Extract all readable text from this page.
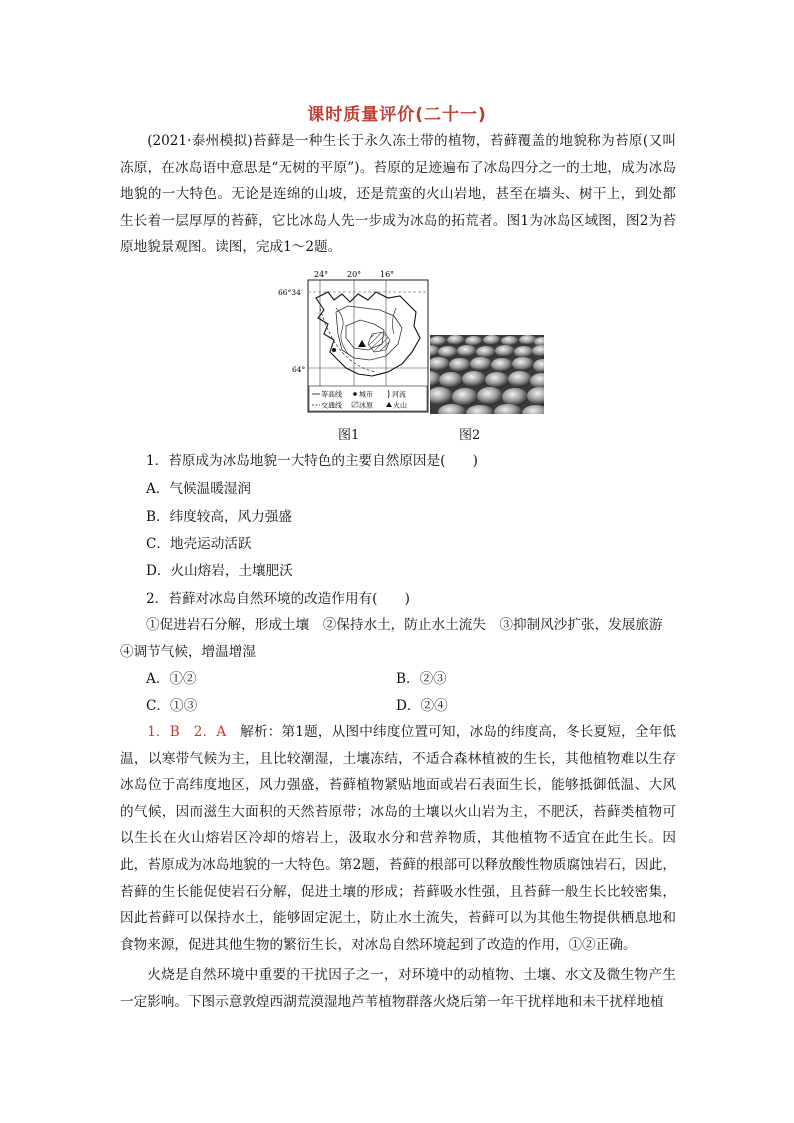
课时质量评价(二十一)
(2021·泰州模拟)苔藓是一种生长于永久冻土带的植物，苔藓覆盖的地貌称为苔原(又叫冻原，在冰岛语中意思是“无树的平原”)。苔原的足迹遍布了冰岛四分之一的土地，成为冰岛地貌的一大特色。无论是连绵的山坡，还是荒蛮的火山岩地，甚至在墙头、树干上，到处都生长着一层厚厚的苔藓，它比冰岛人先一步成为冰岛的拓荒者。图1为冰岛区域图，图2为苔原地貌景观图。读图，完成1～2题。
24° 20° 16°
66°34′
64°
等高线 城市	河流
交通线 冰原	火山
图1	图2
1．苔原成为冰岛地貌一大特色的主要自然原因是(　　)
A．气候温暖湿润
B．纬度较高，风力强盛
C．地壳运动活跃
D．火山熔岩，土壤肥沃
2．苔藓对冰岛自然环境的改造作用有(　　)
①促进岩石分解，形成土壤　②保持水土，防止水土流失　③抑制风沙扩张，发展旅游
④调节气候，增温增湿
A．①②	B．②③
C．①③	D．②④
1．B　2．A　 解析：第1题，从图中纬度位置可知，冰岛的纬度高，冬长夏短，全年低温，以寒带气候为主，且比较潮湿，土壤冻结，不适合森林植被的生长，其他植物难以生存冰岛位于高纬度地区，风力强盛，苔藓植物紧贴地面或岩石表面生长，能够抵御低温、大风的气候，因而滋生大面积的天然苔原带；冰岛的土壤以火山岩为主，不肥沃，苔藓类植物可以生长在火山熔岩区冷却的熔岩上，汲取水分和营养物质，其他植物不适宜在此生长。因此，苔原成为冰岛地貌的一大特色。第2题，苔藓的根部可以释放酸性物质腐蚀岩石，因此，苔藓的生长能促使岩石分解，促进土壤的形成；苔藓吸水性强，且苔藓一般生长比较密集，因此苔藓可以保持水土，能够固定泥土，防止水土流失，苔藓可以为其他生物提供栖息地和食物来源，促进其他生物的繁衍生长，对冰岛自然环境起到了改造的作用，①②正确。
火烧是自然环境中重要的干扰因子之一，对环境中的动植物、土壤、水文及微生物产生一定影响。下图示意敦煌西湖荒漠湿地芦苇植物群落火烧后第一年干扰样地和未干扰样地植
